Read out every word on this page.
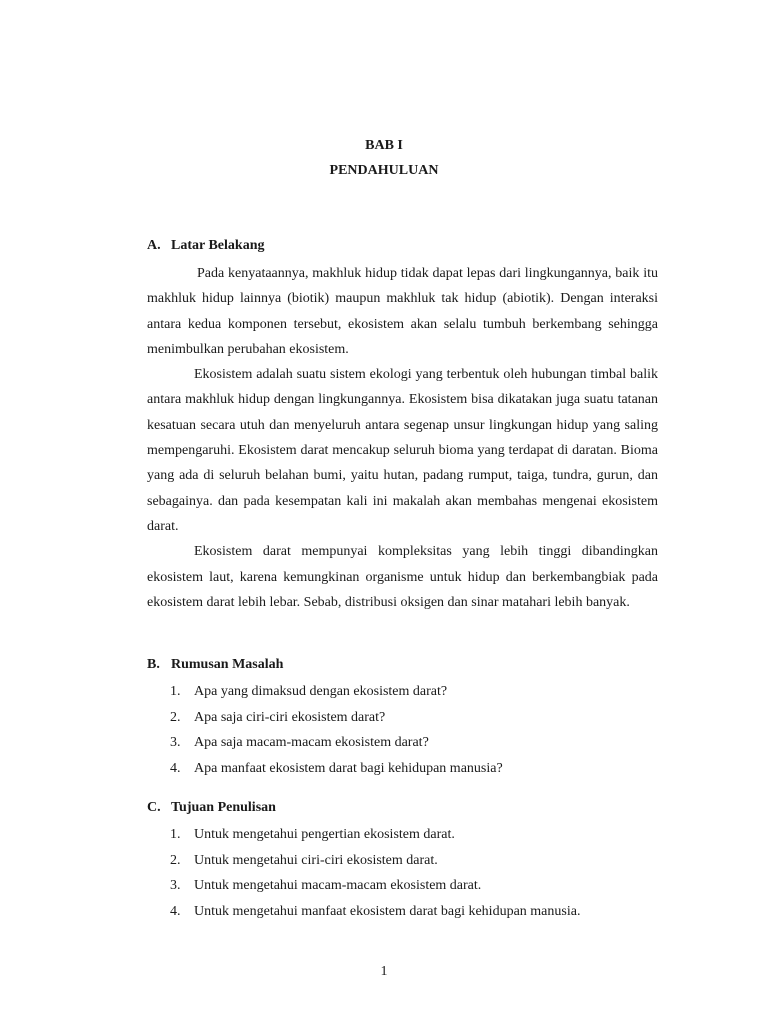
BAB I
PENDAHULUAN
A. Latar Belakang

Pada kenyataannya, makhluk hidup tidak dapat lepas dari lingkungannya, baik itu makhluk hidup lainnya (biotik) maupun makhluk tak hidup (abiotik). Dengan interaksi antara kedua komponen tersebut, ekosistem akan selalu tumbuh berkembang sehingga menimbulkan perubahan ekosistem.

Ekosistem adalah suatu sistem ekologi yang terbentuk oleh hubungan timbal balik antara makhluk hidup dengan lingkungannya. Ekosistem bisa dikatakan juga suatu tatanan kesatuan secara utuh dan menyeluruh antara segenap unsur lingkungan hidup yang saling mempengaruhi. Ekosistem darat mencakup seluruh bioma yang terdapat di daratan. Bioma yang ada di seluruh belahan bumi, yaitu hutan, padang rumput, taiga, tundra, gurun, dan sebagainya. dan pada kesempatan kali ini makalah akan membahas mengenai ekosistem darat.

Ekosistem darat mempunyai kompleksitas yang lebih tinggi dibandingkan ekosistem laut, karena kemungkinan organisme untuk hidup dan berkembangbiak pada ekosistem darat lebih lebar. Sebab, distribusi oksigen dan sinar matahari lebih banyak.

B. Rumusan Masalah
1. Apa yang dimaksud dengan ekosistem darat?
2. Apa saja ciri-ciri ekosistem darat?
3. Apa saja macam-macam ekosistem darat?
4. Apa manfaat ekosistem darat bagi kehidupan manusia?
C. Tujuan Penulisan
1. Untuk mengetahui pengertian ekosistem darat.
2. Untuk mengetahui ciri-ciri ekosistem darat.
3. Untuk mengetahui macam-macam ekosistem darat.
4. Untuk mengetahui manfaat ekosistem darat bagi kehidupan manusia.
1
